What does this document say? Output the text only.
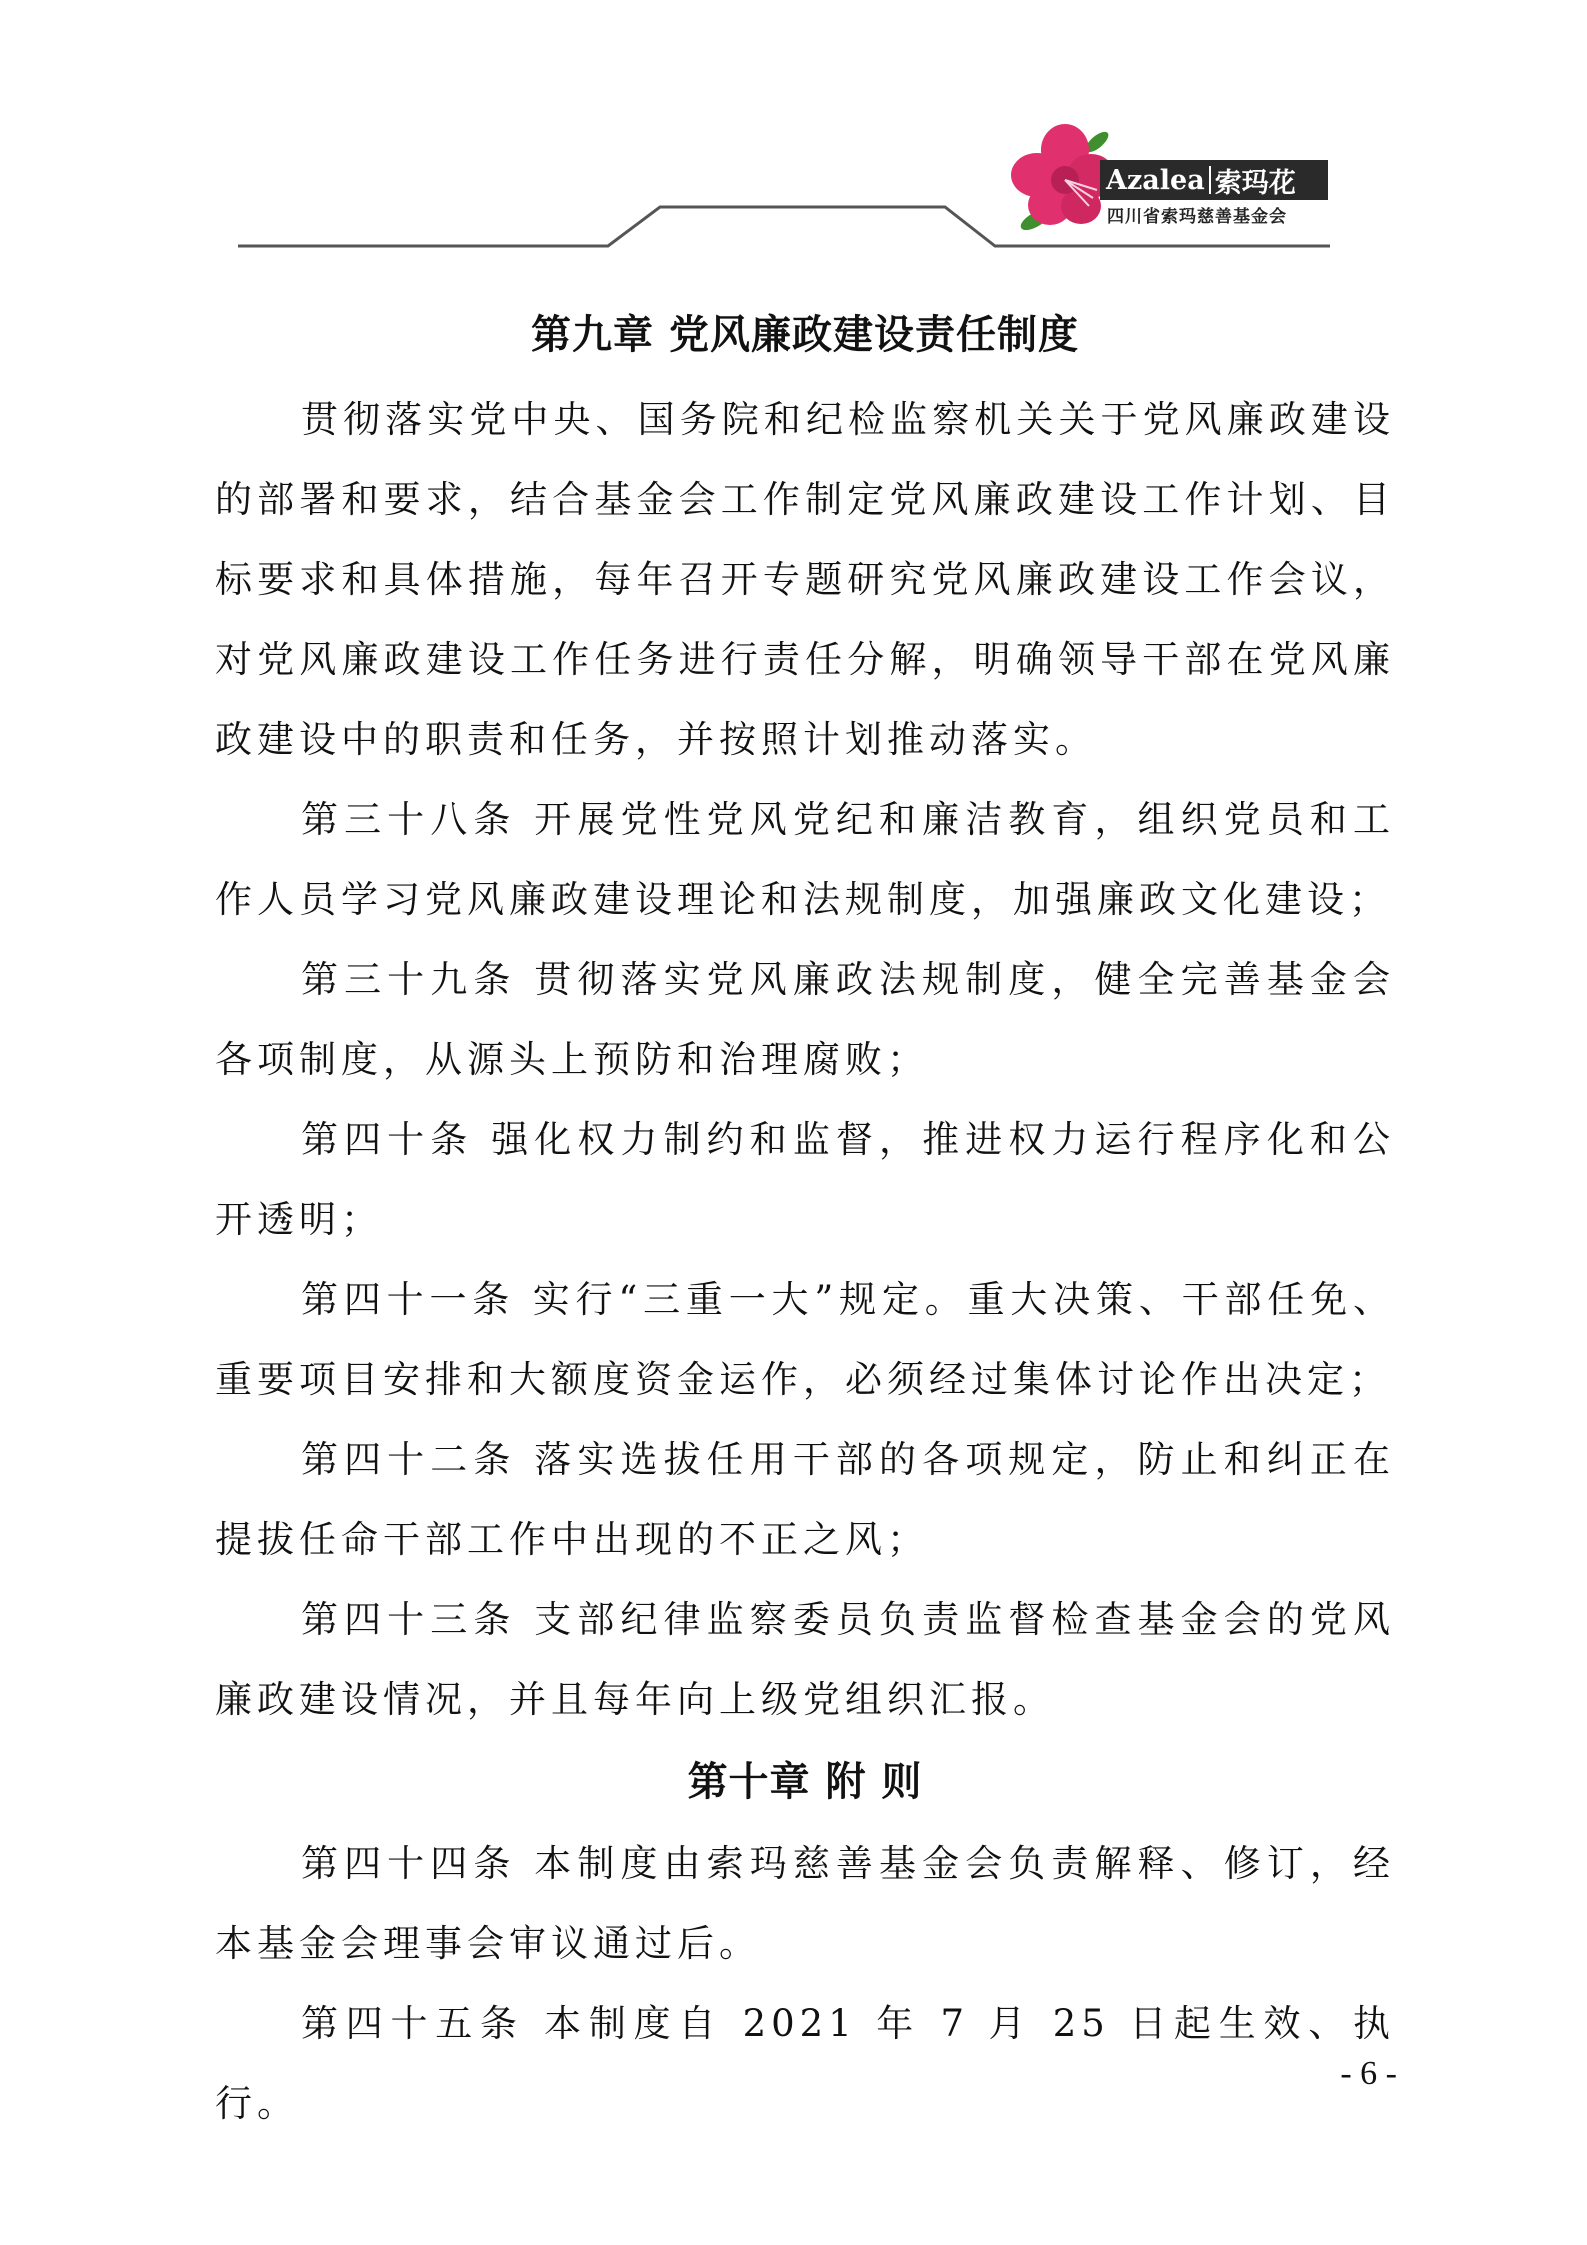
Azalea 索玛花
四川省索玛慈善基金会
第九章 党风廉政建设责任制度

贯彻落实党中央、国务院和纪检监察机关关于党风廉政建设的部署和要求，结合基金会工作制定党风廉政建设工作计划、目标要求和具体措施，每年召开专题研究党风廉政建设工作会议，对党风廉政建设工作任务进行责任分解，明确领导干部在党风廉政建设中的职责和任务，并按照计划推动落实。

第三十八条 开展党性党风党纪和廉洁教育，组织党员和工作人员学习党风廉政建设理论和法规制度，加强廉政文化建设；

第三十九条 贯彻落实党风廉政法规制度，健全完善基金会各项制度，从源头上预防和治理腐败；

第四十条 强化权力制约和监督，推进权力运行程序化和公开透明；

第四十一条 实行“三重一大”规定。重大决策、干部任免、重要项目安排和大额度资金运作，必须经过集体讨论作出决定；

第四十二条 落实选拔任用干部的各项规定，防止和纠正在提拔任命干部工作中出现的不正之风；

第四十三条 支部纪律监察委员负责监督检查基金会的党风廉政建设情况，并且每年向上级党组织汇报。

第十章 附 则

第四十四条 本制度由索玛慈善基金会负责解释、修订，经本基金会理事会审议通过后。

第四十五条 本制度自 2021 年 7 月 25 日起生效、执行。

- 6 -
